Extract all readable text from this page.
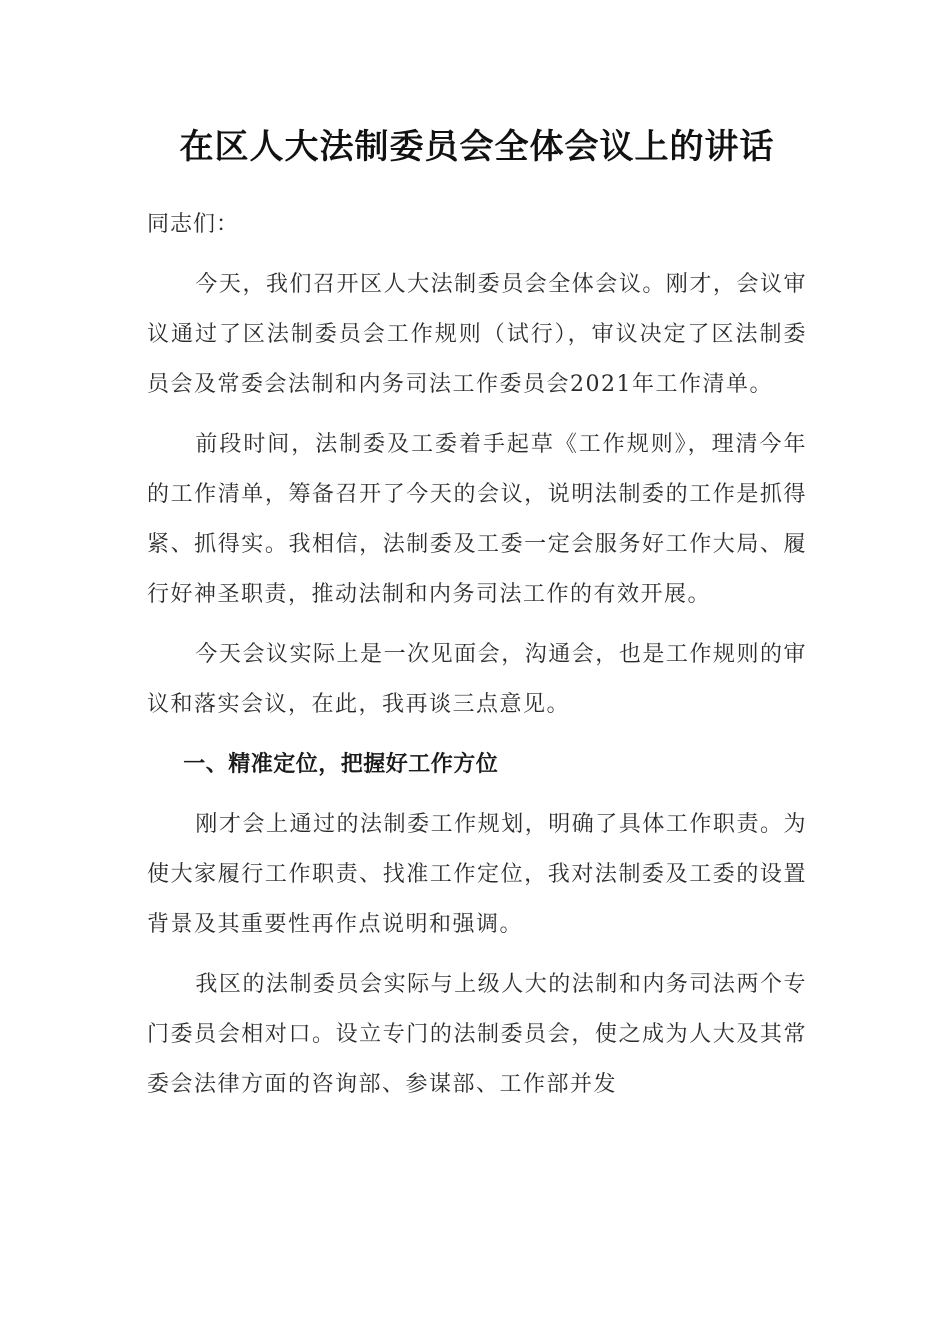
在区人大法制委员会全体会议上的讲话

同志们：

今天，我们召开区人大法制委员会全体会议。刚才，会议审议通过了区法制委员会工作规则（试行），审议决定了区法制委员会及常委会法制和内务司法工作委员会2021年工作清单。

前段时间，法制委及工委着手起草《工作规则》，理清今年的工作清单，筹备召开了今天的会议，说明法制委的工作是抓得紧、抓得实。我相信，法制委及工委一定会服务好工作大局、履行好神圣职责，推动法制和内务司法工作的有效开展。

今天会议实际上是一次见面会，沟通会，也是工作规则的审议和落实会议，在此，我再谈三点意见。

一、精准定位，把握好工作方位

刚才会上通过的法制委工作规划，明确了具体工作职责。为使大家履行工作职责、找准工作定位，我对法制委及工委的设置背景及其重要性再作点说明和强调。

我区的法制委员会实际与上级人大的法制和内务司法两个专门委员会相对口。设立专门的法制委员会，使之成为人大及其常委会法律方面的咨询部、参谋部、工作部并发
